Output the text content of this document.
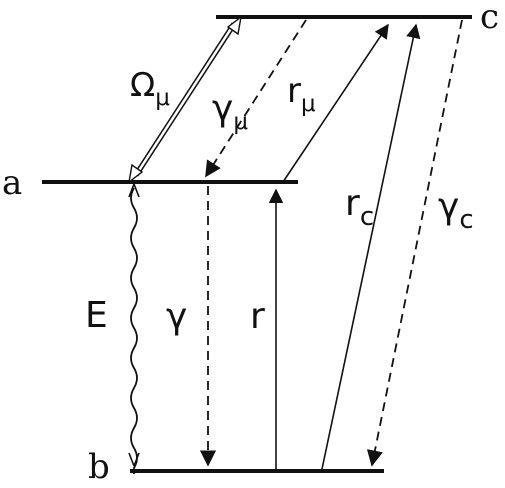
a
b
c
$\Omega_\mu$ $\gamma_\mu$
$r_\mu$
E γ r
$r_c$ $\gamma_c$
